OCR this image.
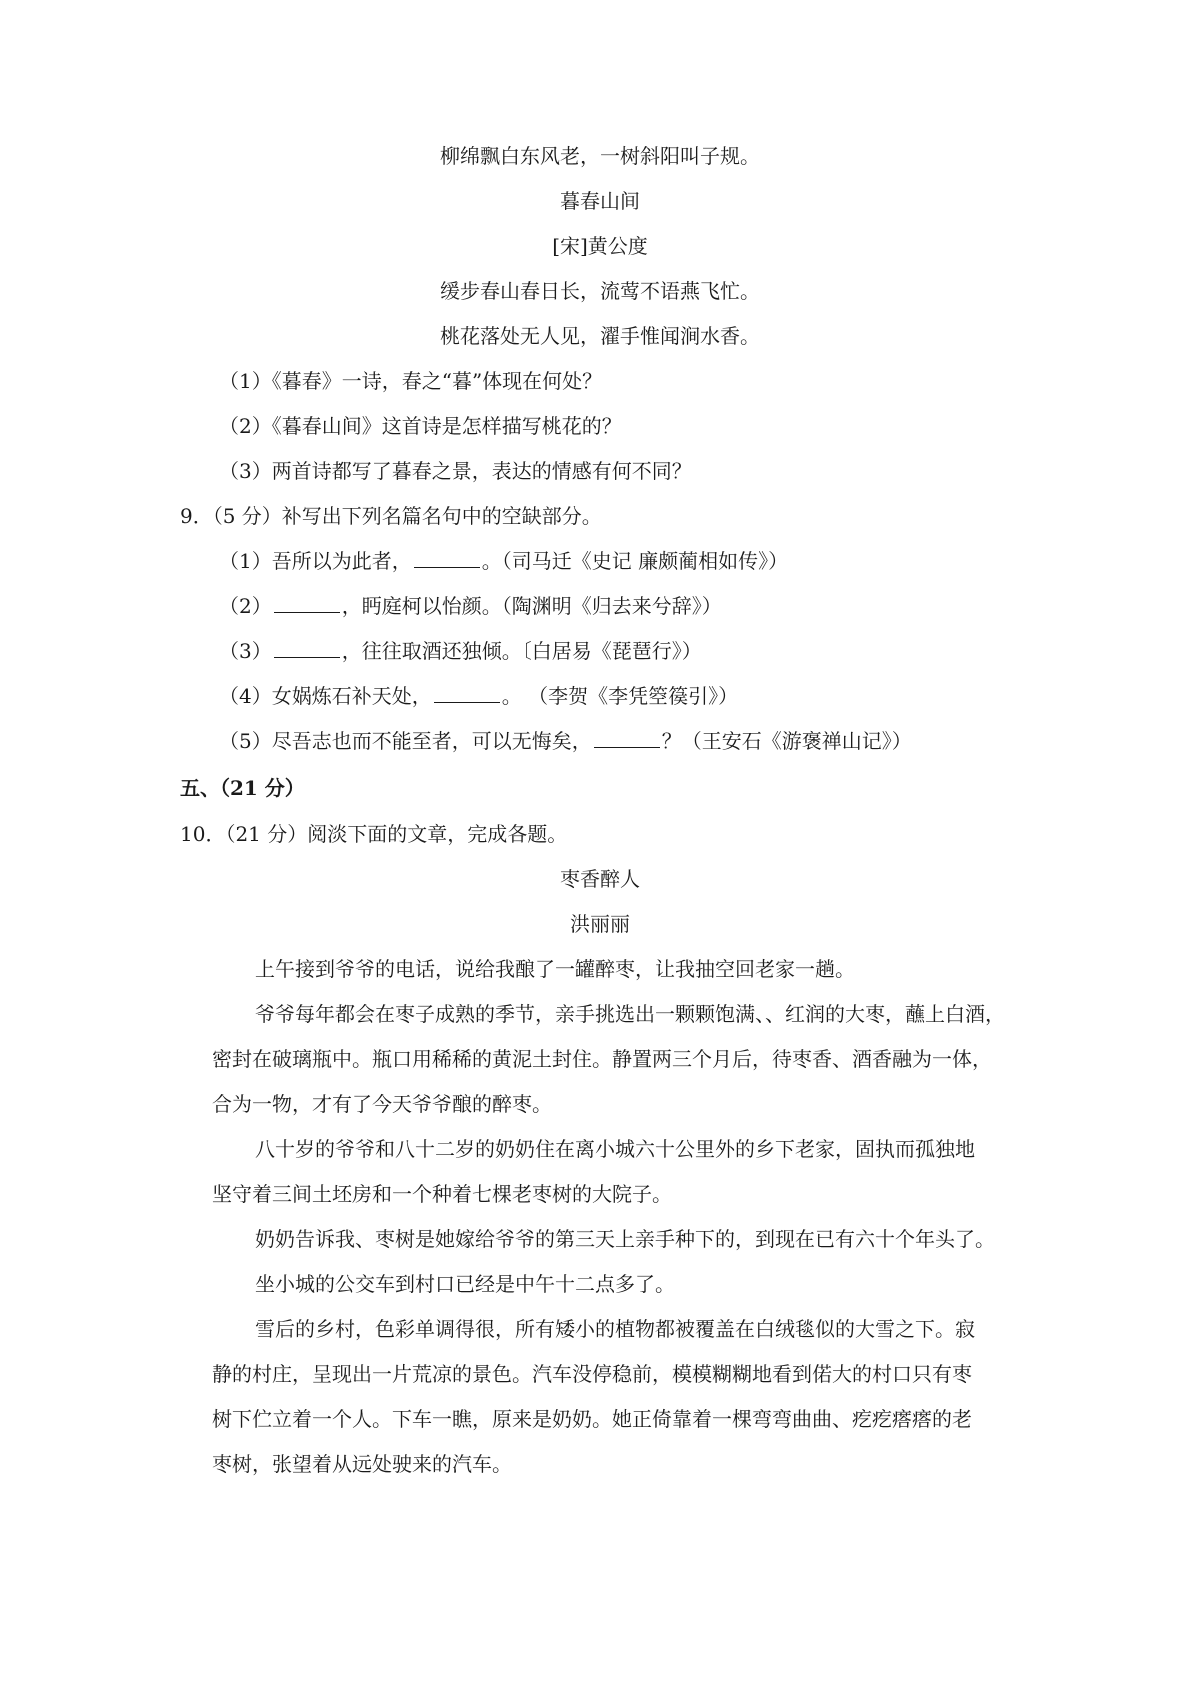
柳绵飘白东风老，一树斜阳叫子规。
暮春山间
[宋]黄公度
缓步春山春日长，流莺不语燕飞忙。
桃花落处无人见，濯手惟闻涧水香。
（1）《暮春》一诗，春之“暮”体现在何处？
（2）《暮春山间》这首诗是怎样描写桃花的？
（3）两首诗都写了暮春之景，表达的情感有何不同？
9．（5 分）补写出下列名篇名句中的空缺部分。
（1）吾所以为此者，	。（司马迁《史记 廉颇蔺相如传》）
（2）	，眄庭柯以怡颜。（陶渊明《归去来兮辞》）
（3）	，往往取酒还独倾。〔白居易《琵琶行》）
（4）女娲炼石补天处，	。 （李贺《李凭箜篌引》）
（5）尽吾志也而不能至者，可以无悔矣，	？（王安石《游褒禅山记》）
五、（21 分）
10．（21 分）阅淡下面的文章，完成各题。
枣香醉人
洪丽丽
上午接到爷爷的电话，说给我酿了一罐醉枣，让我抽空回老家一趟。
爷爷每年都会在枣子成熟的季节，亲手挑选出一颗颗饱满、、红润的大枣，蘸上白酒，
密封在破璃瓶中。瓶口用稀稀的黄泥土封住。静置两三个月后，待枣香、酒香融为一体，
合为一物，才有了今天爷爷酿的醉枣。
八十岁的爷爷和八十二岁的奶奶住在离小城六十公里外的乡下老家，固执而孤独地
坚守着三间土坯房和一个种着七棵老枣树的大院子。
奶奶告诉我、枣树是她嫁给爷爷的第三天上亲手种下的，到现在已有六十个年头了。
坐小城的公交车到村口已经是中午十二点多了。
雪后的乡村，色彩单调得很，所有矮小的植物都被覆盖在白绒毯似的大雪之下。寂
静的村庄，呈现出一片荒凉的景色。汽车没停稳前，模模糊糊地看到偌大的村口只有枣
树下伫立着一个人。下车一瞧，原来是奶奶。她正倚靠着一棵弯弯曲曲、疙疙瘩瘩的老
枣树，张望着从远处驶来的汽车。
